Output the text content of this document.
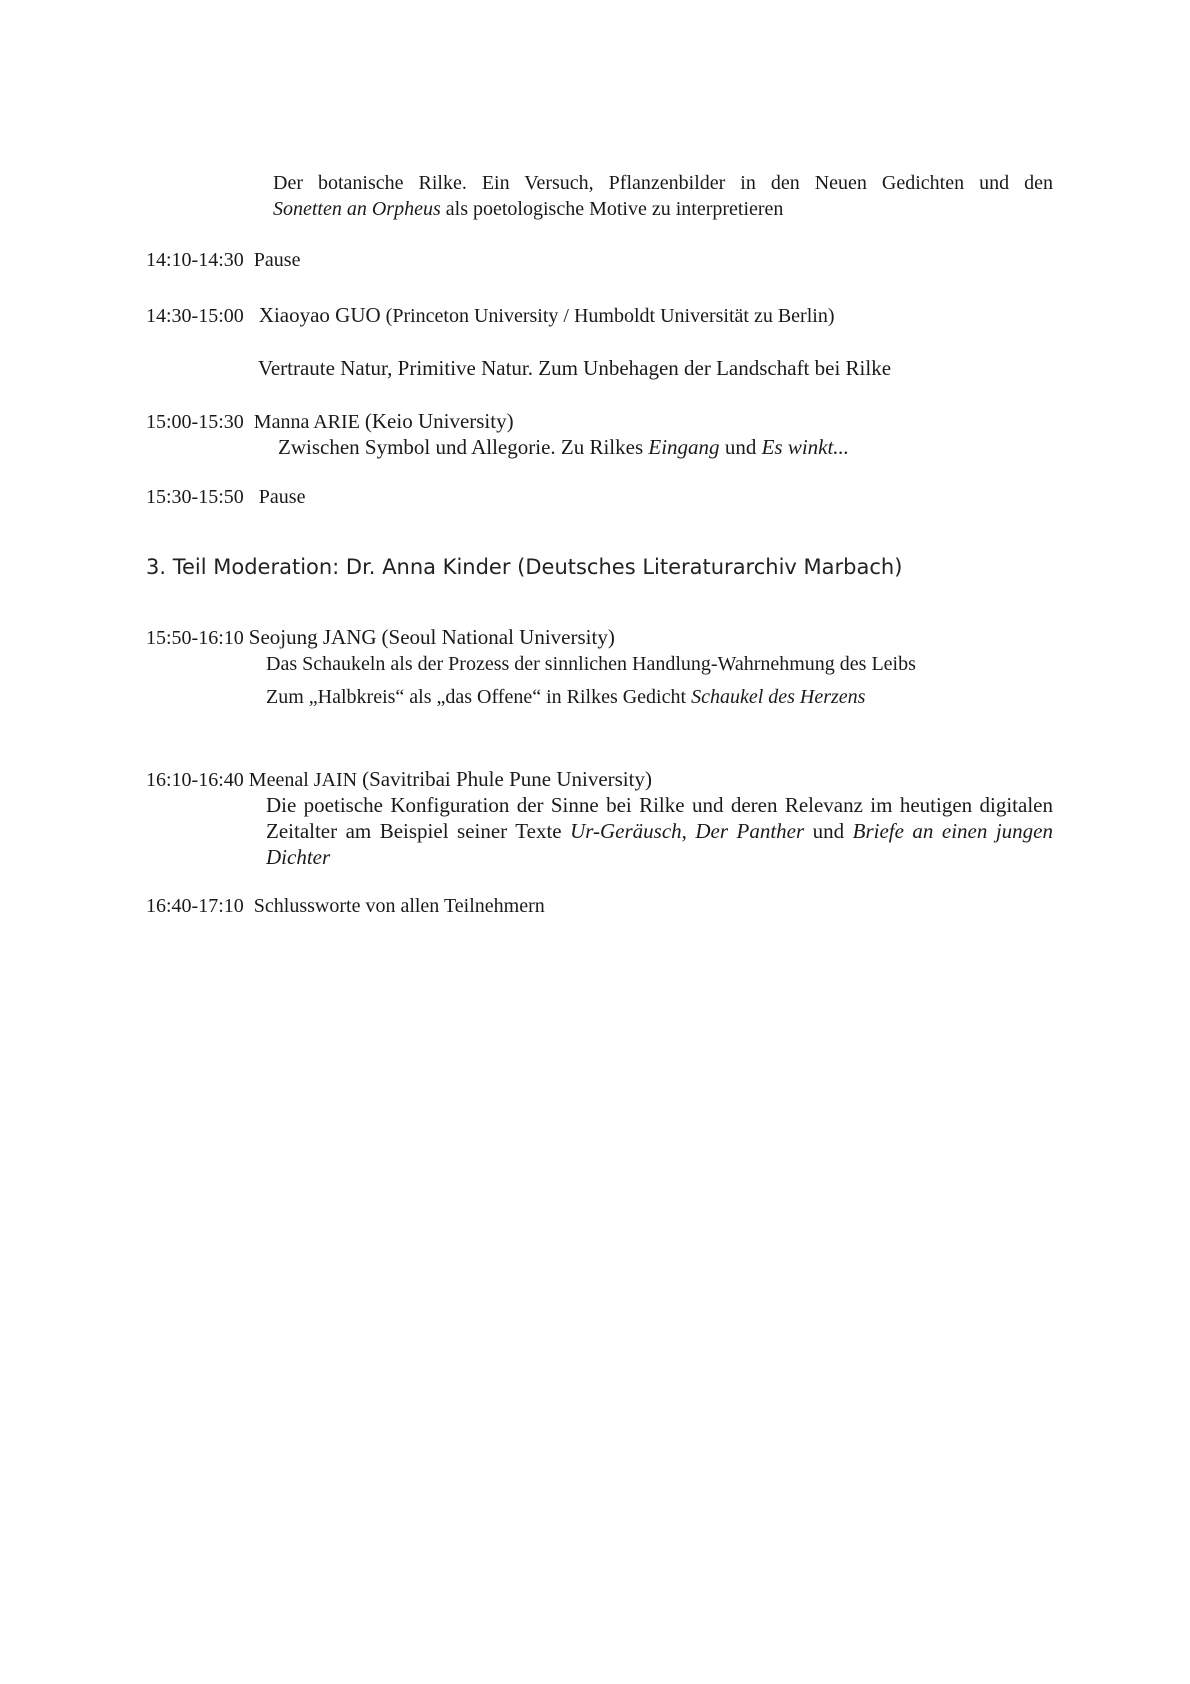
Der botanische Rilke. Ein Versuch, Pflanzenbilder in den Neuen Gedichten und den
Sonetten an Orpheus als poetologische Motive zu interpretieren
14:10-14:30 Pause
14:30-15:00 Xiaoyao GUO (Princeton University / Humboldt Universität zu Berlin)
Vertraute Natur, Primitive Natur. Zum Unbehagen der Landschaft bei Rilke
15:00-15:30 Manna ARIE (Keio University)
Zwischen Symbol und Allegorie. Zu Rilkes Eingang und Es winkt...
15:30-15:50 Pause
3. Teil Moderation: Dr. Anna Kinder (Deutsches Literaturarchiv Marbach)
15:50-16:10 Seojung JANG (Seoul National University)
Das Schaukeln als der Prozess der sinnlichen Handlung-Wahrnehmung des Leibs
Zum „Halbkreis“ als „das Offene“ in Rilkes Gedicht Schaukel des Herzens
16:10-16:40 Meenal JAIN (Savitribai Phule Pune University)
Die poetische Konfiguration der Sinne bei Rilke und deren Relevanz im heutigen digitalen
Zeitalter am Beispiel seiner Texte Ur-Geräusch, Der Panther und Briefe an einen jungen
Dichter
16:40-17:10 Schlussworte von allen Teilnehmern
